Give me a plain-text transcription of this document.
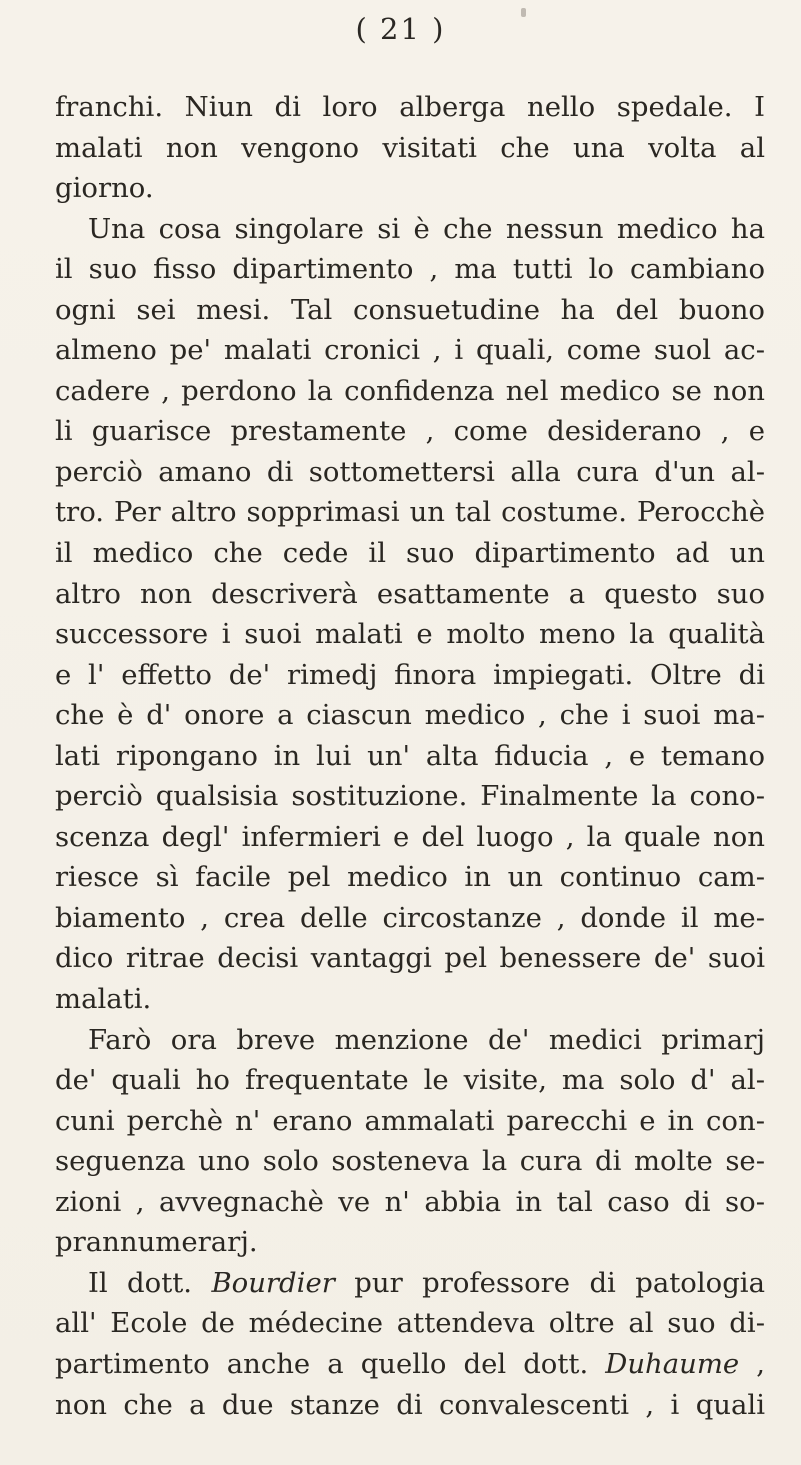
( 21 )
franchi. Niun di loro alberga nello spedale. I
malati non vengono visitati che una volta al
giorno.
Una cosa singolare si è che nessun medico ha
il suo fisso dipartimento , ma tutti lo cambiano
ogni sei mesi. Tal consuetudine ha del buono
almeno pe' malati cronici , i quali, come suol ac-
cadere , perdono la confidenza nel medico se non
li guarisce prestamente , come desiderano , e
perciò amano di sottomettersi alla cura d'un al-
tro. Per altro sopprimasi un tal costume. Perocchè
il medico che cede il suo dipartimento ad un
altro non descriverà esattamente a questo suo
successore i suoi malati e molto meno la qualità
e l' effetto de' rimedj finora impiegati. Oltre di
che è d' onore a ciascun medico , che i suoi ma-
lati ripongano in lui un' alta fiducia , e temano
perciò qualsisia sostituzione. Finalmente la cono-
scenza degl' infermieri e del luogo , la quale non
riesce sì facile pel medico in un continuo cam-
biamento , crea delle circostanze , donde il me-
dico ritrae decisi vantaggi pel benessere de' suoi
malati.
Farò ora breve menzione de' medici primarj
de' quali ho frequentate le visite, ma solo d' al-
cuni perchè n' erano ammalati parecchi e in con-
seguenza uno solo sosteneva la cura di molte se-
zioni , avvegnachè ve n' abbia in tal caso di so-
prannumerarj.
Il dott. Bourdier pur professore di patologia
all' Ecole de médecine attendeva oltre al suo di-
partimento anche a quello del dott. Duhaume ,
non che a due stanze di convalescenti , i quali
